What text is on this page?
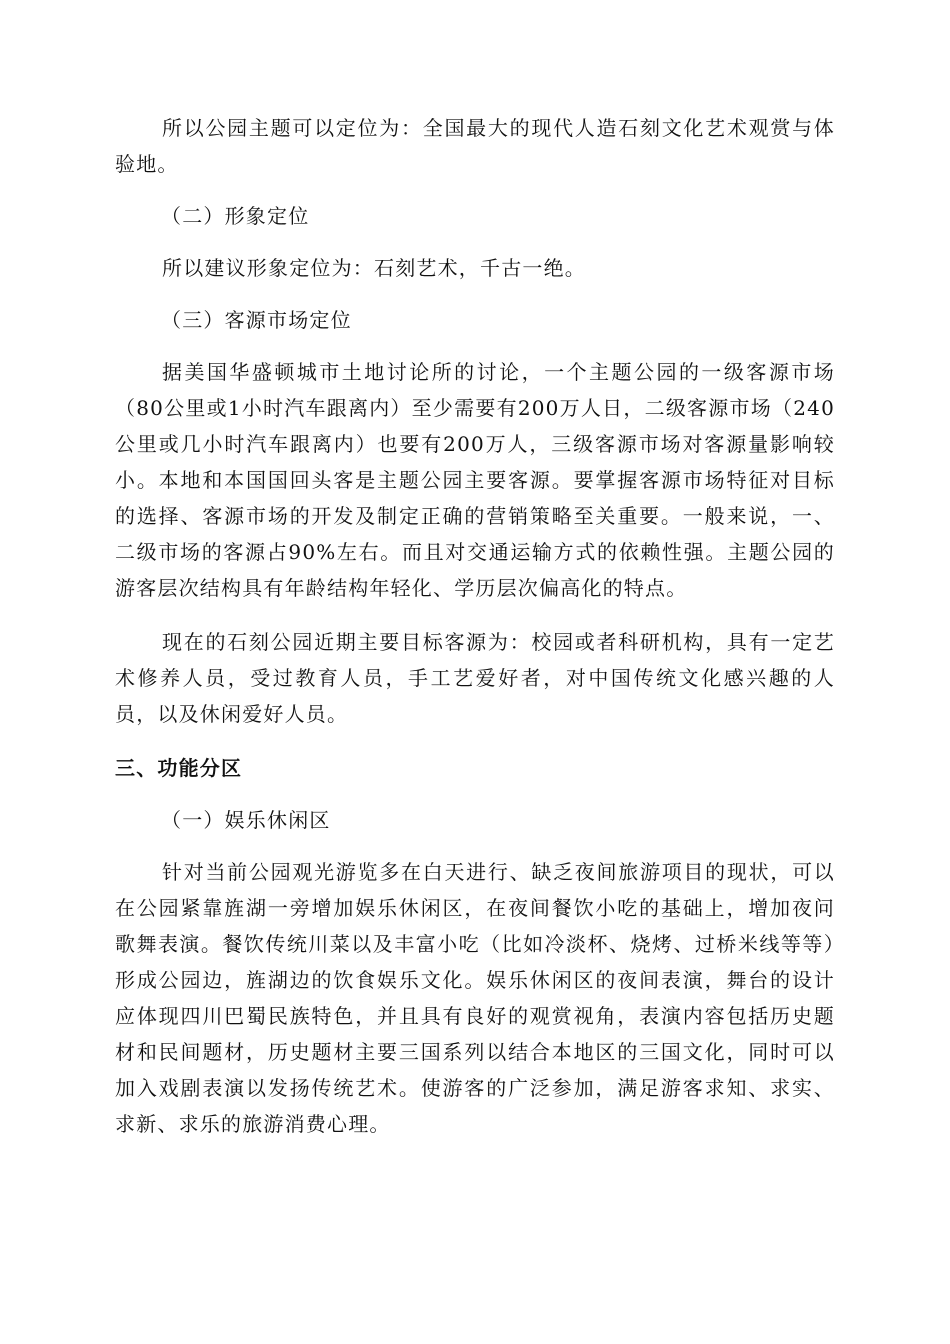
所以公园主题可以定位为：全国最大的现代人造石刻文化艺术观赏与体验地。

（二）形象定位

所以建议形象定位为：石刻艺术，千古一绝。

（三）客源市场定位

据美国华盛顿城市土地讨论所的讨论，一个主题公园的一级客源市场（80公里或1小时汽车跟离内）至少需要有200万人日，二级客源市场（240公里或几小时汽车跟离内）也要有200万人，三级客源市场对客源量影响较小。本地和本国国回头客是主题公园主要客源。要掌握客源市场特征对目标的选择、客源市场的开发及制定正确的营销策略至关重要。一般来说，一、二级市场的客源占90%左右。而且对交通运输方式的依赖性强。主题公园的游客层次结构具有年龄结构年轻化、学历层次偏高化的特点。

现在的石刻公园近期主要目标客源为：校园或者科研机构，具有一定艺术修养人员，受过教育人员，手工艺爱好者，对中国传统文化感兴趣的人员，以及休闲爱好人员。

三、功能分区

（一）娱乐休闲区

针对当前公园观光游览多在白天进行、缺乏夜间旅游项目的现状，可以在公园紧靠旌湖一旁增加娱乐休闲区，在夜间餐饮小吃的基础上，增加夜问歌舞表演。餐饮传统川菜以及丰富小吃（比如冷淡杯、烧烤、过桥米线等等）形成公园边，旌湖边的饮食娱乐文化。娱乐休闲区的夜间表演，舞台的设计应体现四川巴蜀民族特色，并且具有良好的观赏视角，表演内容包括历史题材和民间题材，历史题材主要三国系列以结合本地区的三国文化，同时可以加入戏剧表演以发扬传统艺术。使游客的广泛参加，满足游客求知、求实、求新、求乐的旅游消费心理。
